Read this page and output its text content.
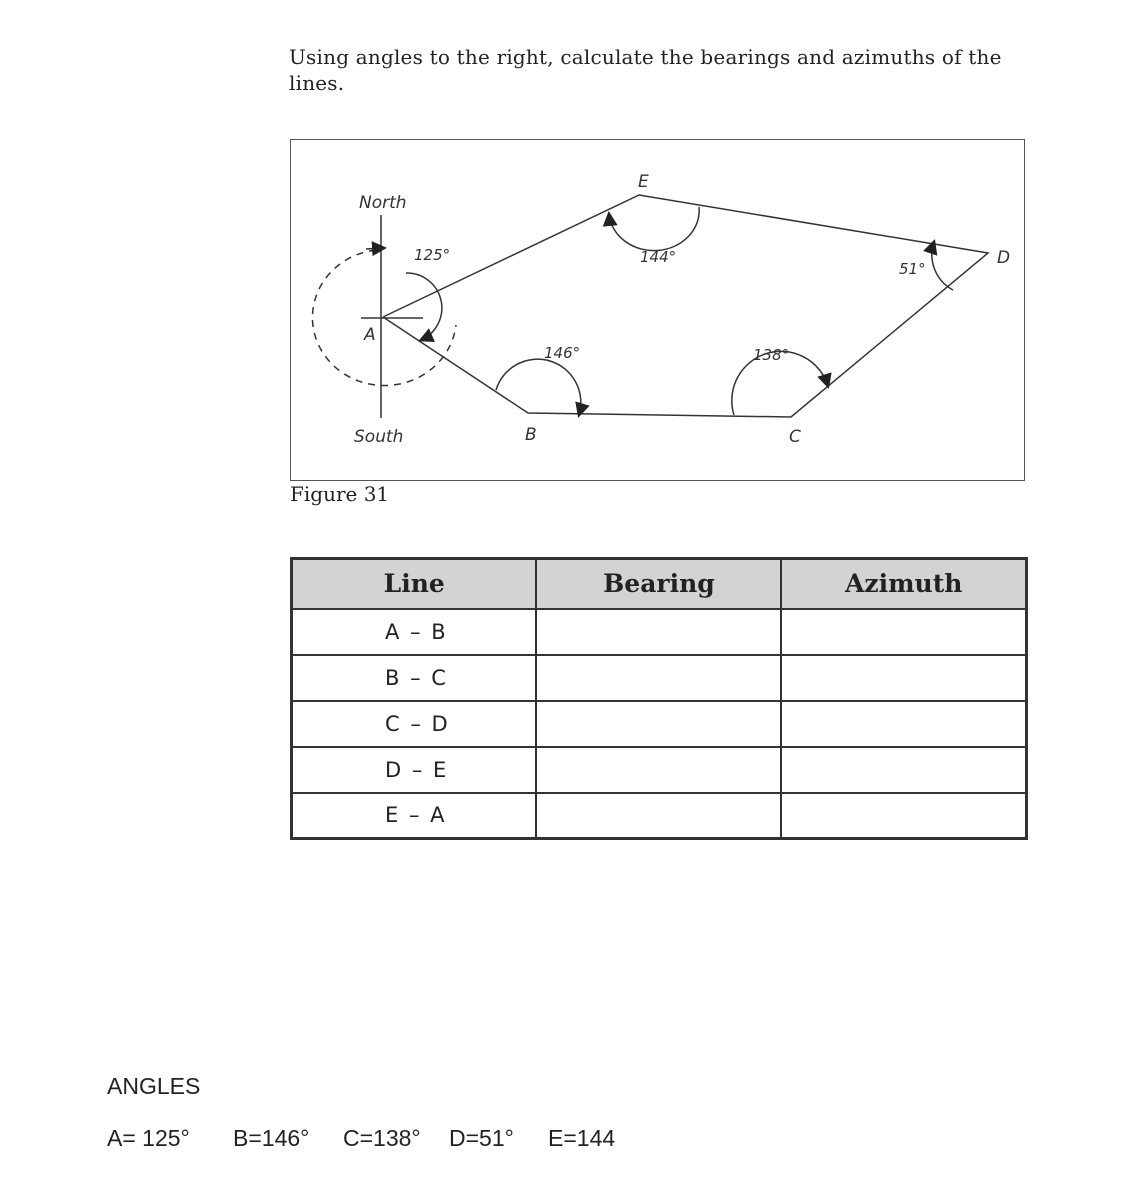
Using angles to the right, calculate the bearings and azimuths of the lines.
North
South
A
B	C
D
E
125°	144°
51°
138°
146°
Figure 31
Line	Bearing	Azimuth
A – B		
B – C		
C – D		
D – E		
E – A		
ANGLES
A= 125°	B=146°	C=138°	D=51°	E=144
